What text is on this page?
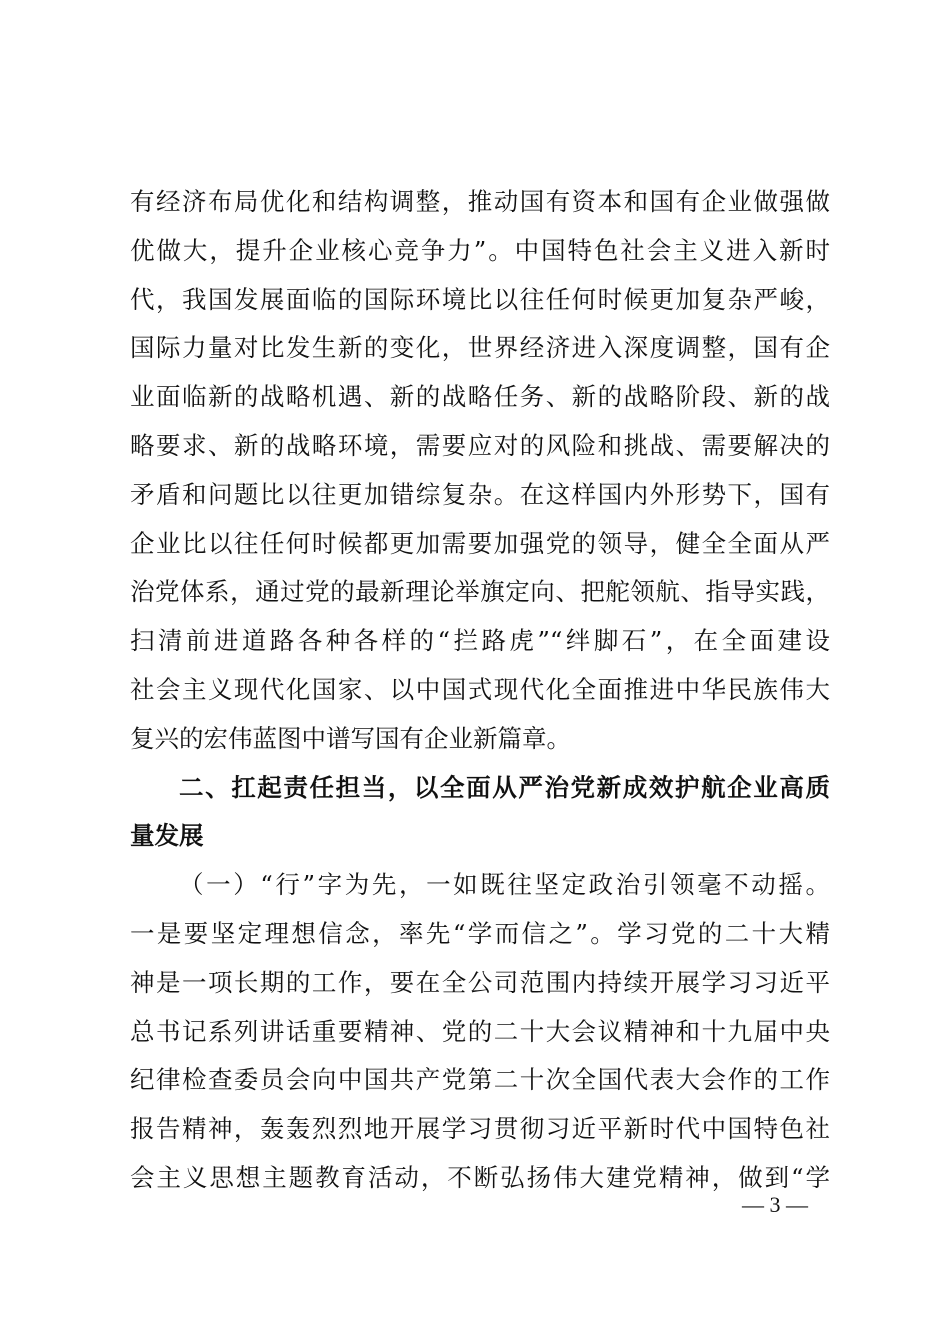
有经济布局优化和结构调整，推动国有资本和国有企业做强做
优做大，提升企业核心竞争力”。中国特色社会主义进入新时
代，我国发展面临的国际环境比以往任何时候更加复杂严峻，
国际力量对比发生新的变化，世界经济进入深度调整，国有企
业面临新的战略机遇、新的战略任务、新的战略阶段、新的战
略要求、新的战略环境，需要应对的风险和挑战、需要解决的
矛盾和问题比以往更加错综复杂。在这样国内外形势下，国有
企业比以往任何时候都更加需要加强党的领导，健全全面从严
治党体系，通过党的最新理论举旗定向、把舵领航、指导实践，
扫清前进道路各种各样的“拦路虎”“绊脚石”，在全面建设
社会主义现代化国家、以中国式现代化全面推进中华民族伟大
复兴的宏伟蓝图中谱写国有企业新篇章。
二、扛起责任担当，以全面从严治党新成效护航企业高质
量发展
（一）“行”字为先，一如既往坚定政治引领毫不动摇。
一是要坚定理想信念，率先“学而信之”。学习党的二十大精
神是一项长期的工作，要在全公司范围内持续开展学习习近平
总书记系列讲话重要精神、党的二十大会议精神和十九届中央
纪律检查委员会向中国共产党第二十次全国代表大会作的工作
报告精神，轰轰烈烈地开展学习贯彻习近平新时代中国特色社
会主义思想主题教育活动，不断弘扬伟大建党精神，做到“学
— 3 —
